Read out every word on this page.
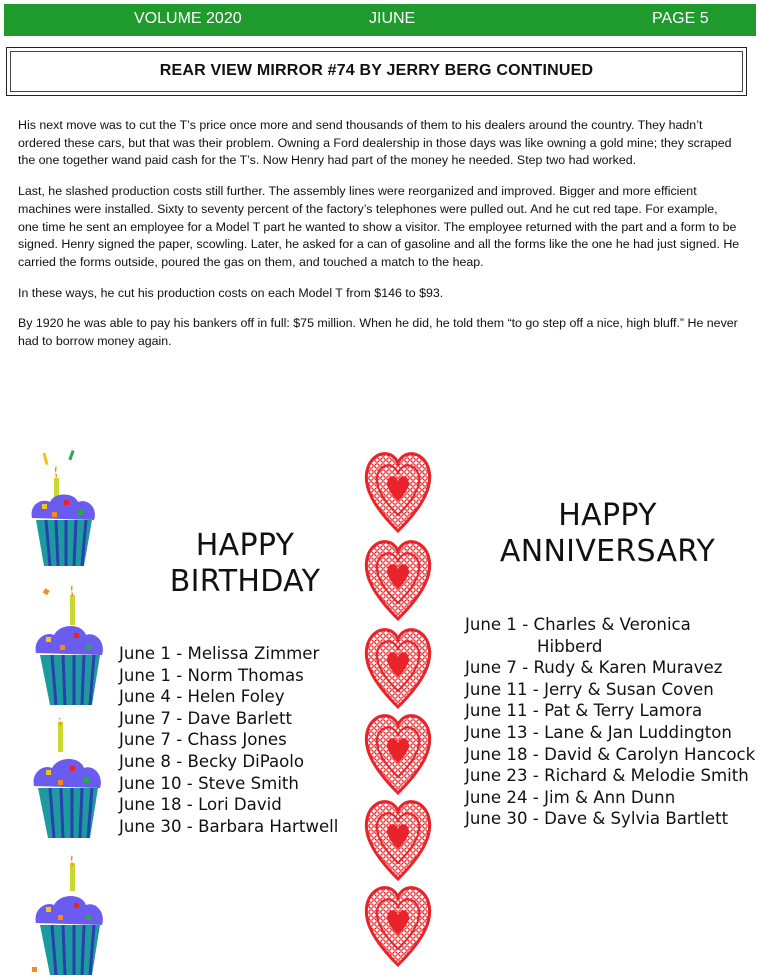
VOLUME 2020	JIUNE	PAGE 5
REAR VIEW MIRROR #74 BY JERRY BERG CONTINUED

His next move was to cut the T’s price once more and send thousands of them to his dealers around the country. They hadn’t ordered these cars, but that was their problem. Owning a Ford dealership in those days was like owning a gold mine; they scraped the one together wand paid cash for the T’s. Now Henry had part of the money he needed. Step two had worked.

Last, he slashed production costs still further. The assembly lines were reorganized and improved. Bigger and more efficient machines were installed. Sixty to seventy percent of the factory’s telephones were pulled out. And he cut red tape. For example, one time he sent an employee for a Model T part he wanted to show a visitor. The employee returned with the part and a form to be signed. Henry signed the paper, scowling. Later, he asked for a can of gasoline and all the forms like the one he had just signed. He carried the forms outside, poured the gas on them, and touched a match to the heap.

In these ways, he cut his production costs on each Model T from $146 to $93.

By 1920 he was able to pay his bankers off in full: $75 million. When he did, he told them “to go step off a nice, high bluff.” He never had to borrow money again.

HAPPY
BIRTHDAY
June 1 - Melissa Zimmer
June 1 - Norm Thomas
June 4 - Helen Foley
June 7 - Dave Barlett
June 7 - Chass Jones
June 8 - Becky DiPaolo
June 10 - Steve Smith
June 18 - Lori David
June 30 - Barbara Hartwell
HAPPY
ANNIVERSARY
June 1 - Charles & Veronica
Hibberd
June 7 - Rudy & Karen Muravez
June 11 - Jerry & Susan Coven
June 11 - Pat & Terry Lamora
June 13 - Lane & Jan Luddington
June 18 - David & Carolyn Hancock
June 23 - Richard & Melodie Smith
June 24 - Jim & Ann Dunn
June 30 - Dave & Sylvia Bartlett
